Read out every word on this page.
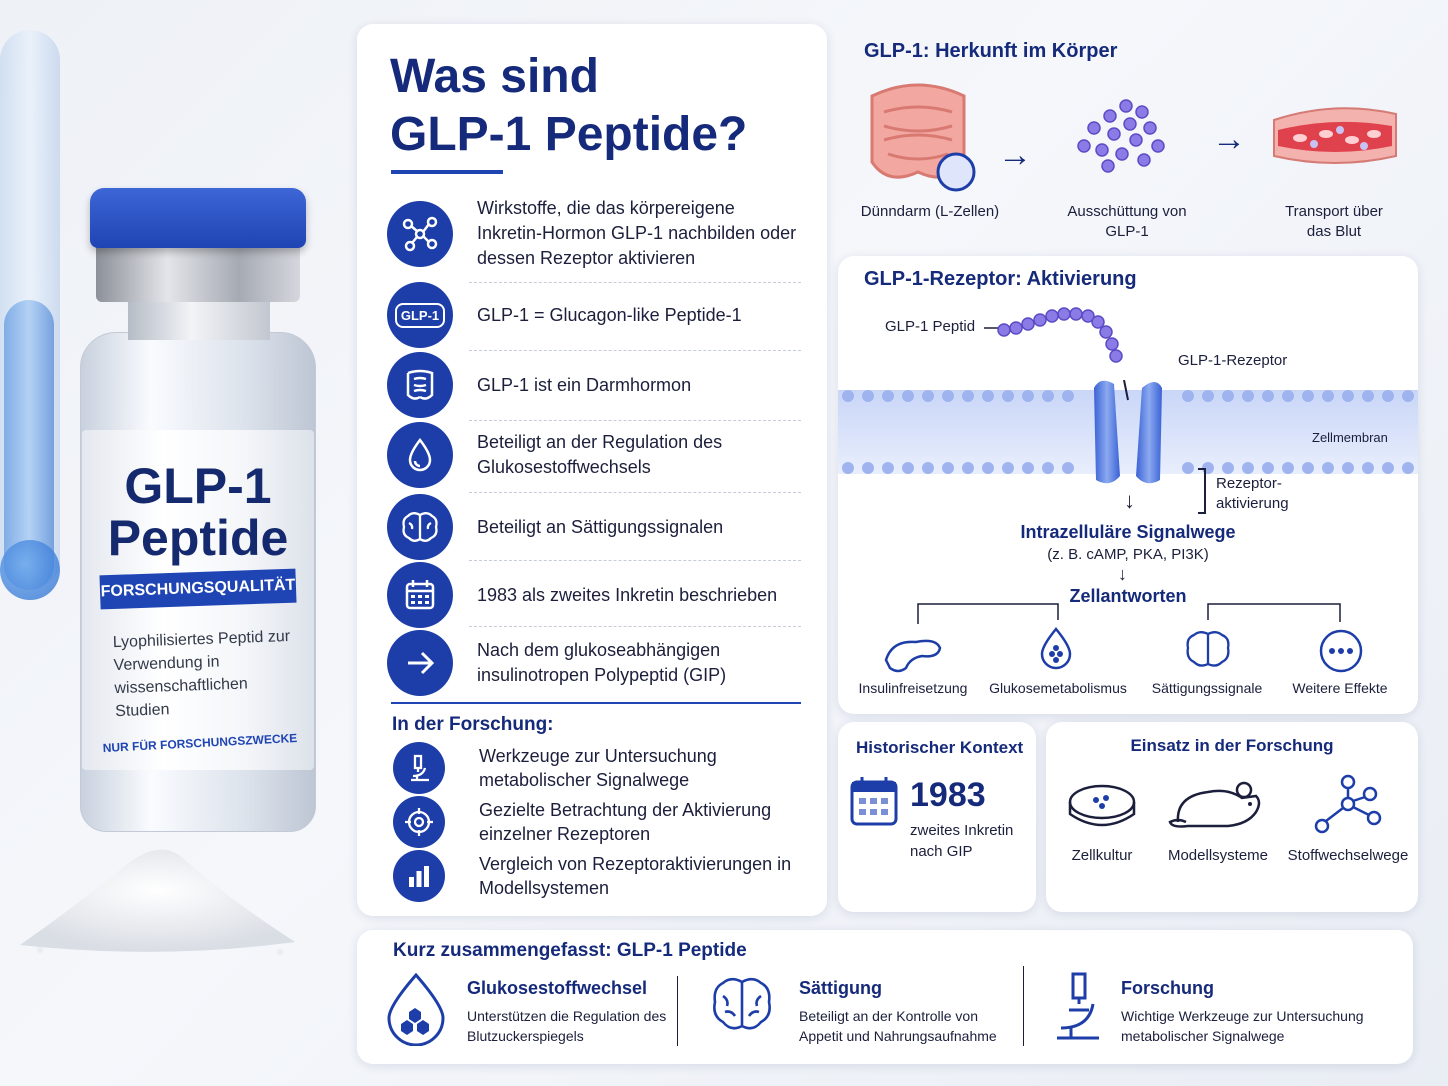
GLP-1 Peptide
FORSCHUNGSQUALITÄT
Lyophilisiertes Peptid zur Verwendung in wissenschaftlichen Studien
NUR FÜR FORSCHUNGSZWECKE
Was sind
GLP-1 Peptide?
Wirkstoffe, die das körpereigene Inkretin-Hormon GLP-1 nachbilden oder dessen Rezeptor aktivieren
GLP-1	GLP-1 = Glucagon-like Peptide-1
GLP-1 ist ein Darmhormon
Beteiligt an der Regulation des Glukosestoffwechsels
Beteiligt an Sättigungssignalen
1983 als zweites Inkretin beschrieben
Nach dem glukoseabhängigen insulinotropen Polypeptid (GIP)
In der Forschung:
Werkzeuge zur Untersuchung metabolischer Signalwege
Gezielte Betrachtung der Aktivierung einzelner Rezeptoren
Vergleich von Rezeptoraktivierungen in Modellsystemen
GLP-1: Herkunft im Körper
→	→
Dünndarm (L-Zellen)	Ausschüttung von GLP-1
Transport über das Blut
GLP-1-Rezeptor: Aktivierung
GLP-1 Peptid
GLP-1-Rezeptor
Zellmembran
↓
Rezeptor-aktivierung
Intrazelluläre Signalwege
(z. B. cAMP, PKA, PI3K)
↓
Zellantworten
Insulinfreisetzung	Glukosemetabolismus	Sättigungssignale	Weitere Effekte
Historischer Kontext
1983
zweites Inkretin nach GIP
Einsatz in der Forschung
Zellkultur	Modellsysteme	Stoffwechselwege
Kurz zusammengefasst: GLP-1 Peptide
Glukosestoffwechsel
Unterstützen die Regulation des Blutzuckerspiegels
Sättigung
Beteiligt an der Kontrolle von Appetit und Nahrungsaufnahme
Forschung
Wichtige Werkzeuge zur Untersuchung metabolischer Signalwege
